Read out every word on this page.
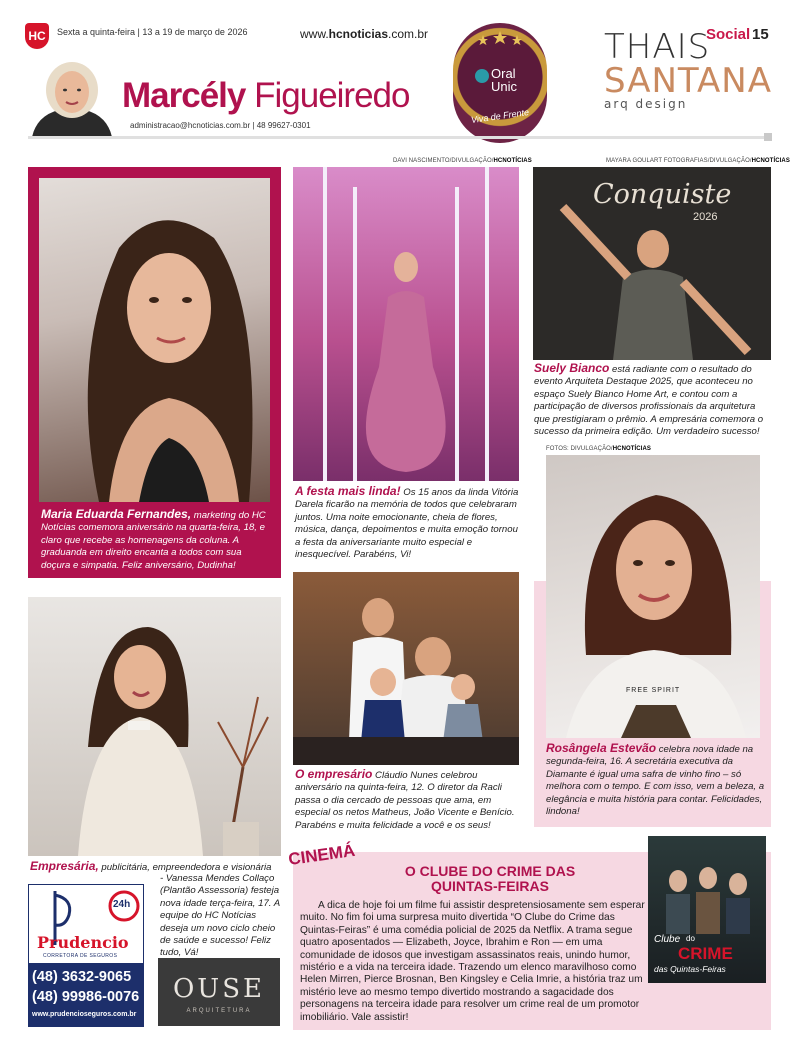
HC	Sexta a quinta-feira | 13 a 19 de março de 2026	www.hcnoticias.com.br
Marcély Figueiredo
administracao@hcnoticias.com.br | 48 99627-0301
Oral
Unic
Viva de Frente
THAIS
SANTANA
arq design
Social 15
Maria Eduarda Fernandes, marketing do HC Notícias comemora aniversário na quarta-feira, 18, e claro que recebe as homenagens da coluna. A graduanda em direito encanta a todos com sua doçura e simpatia. Feliz aniversário, Dudinha!
DAVI NASCIMENTO/DIVULGAÇÃO/HCNOTÍCIAS
A festa mais linda! Os 15 anos da linda Vitória Darela ficarão na memória de todos que celebraram juntos. Uma noite emocionante, cheia de flores, música, dança, depoimentos e muita emoção tornou a festa da aniversariante muito especial e inesquecível. Parabéns, Vi!
MAYARA GOULART FOTOGRAFIAS/DIVULGAÇÃO/HCNOTÍCIAS
Conquiste
2026
Suely Bianco está radiante com o resultado do evento Arquiteta Destaque 2025, que aconteceu no espaço Suely Bianco Home Art, e contou com a participação de diversos profissionais da arquitetura que prestigiaram o prêmio. A empresária comemora o sucesso da primeira edição. Um verdadeiro sucesso!
FOTOS: DIVULGAÇÃO/HCNOTÍCIAS
FREE SPIRIT
Rosângela Estevão celebra nova idade na segunda-feira, 16. A secretária executiva da Diamante é igual uma safra de vinho fino – só melhora com o tempo. E com isso, vem a beleza, a elegância e muita história para contar. Felicidades, lindona!
O empresário Cláudio Nunes celebrou aniversário na quinta-feira, 12. O diretor da Racli passa o dia cercado de pessoas que ama, em especial os netos Matheus, João Vicente e Benício. Parabéns e muita felicidade a você e os seus!
Empresária, publicitária, empreendedora e visionária
- Vanessa Mendes Collaço (Plantão Assessoria) festeja nova idade terça-feira, 17. A equipe do HC Notícias deseja um novo ciclo cheio de saúde e sucesso! Feliz tudo, Vá!
24h
Prudencio
CORRETORA DE SEGUROS
(48) 3632-9065
(48) 99986-0076
www.prudencioseguros.com.br
OUSE
ARQUITETURA
CINEMÁ
O CLUBE DO CRIME DAS QUINTAS-FEIRAS
A dica de hoje foi um filme fui assistir despretensiosamente sem esperar muito. No fim foi uma surpresa muito divertida “O Clube do Crime das Quintas-Feiras” é uma comédia policial de 2025 da Netflix. A trama segue quatro aposentados — Elizabeth, Joyce, Ibrahim e Ron — em uma comunidade de idosos que investigam assassinatos reais, unindo humor, mistério e a vida na terceira idade. Trazendo um elenco maravilhoso como Helen Mirren, Pierce Brosnan, Ben Kingsley e Celia Imrie, a história traz um mistério leve ao mesmo tempo divertido mostrando a sagacidade dos personagens na terceira idade para resolver um crime real de um promotor imobiliário. Vale assistir!
Clube do
CRIME
das Quintas-Feiras
